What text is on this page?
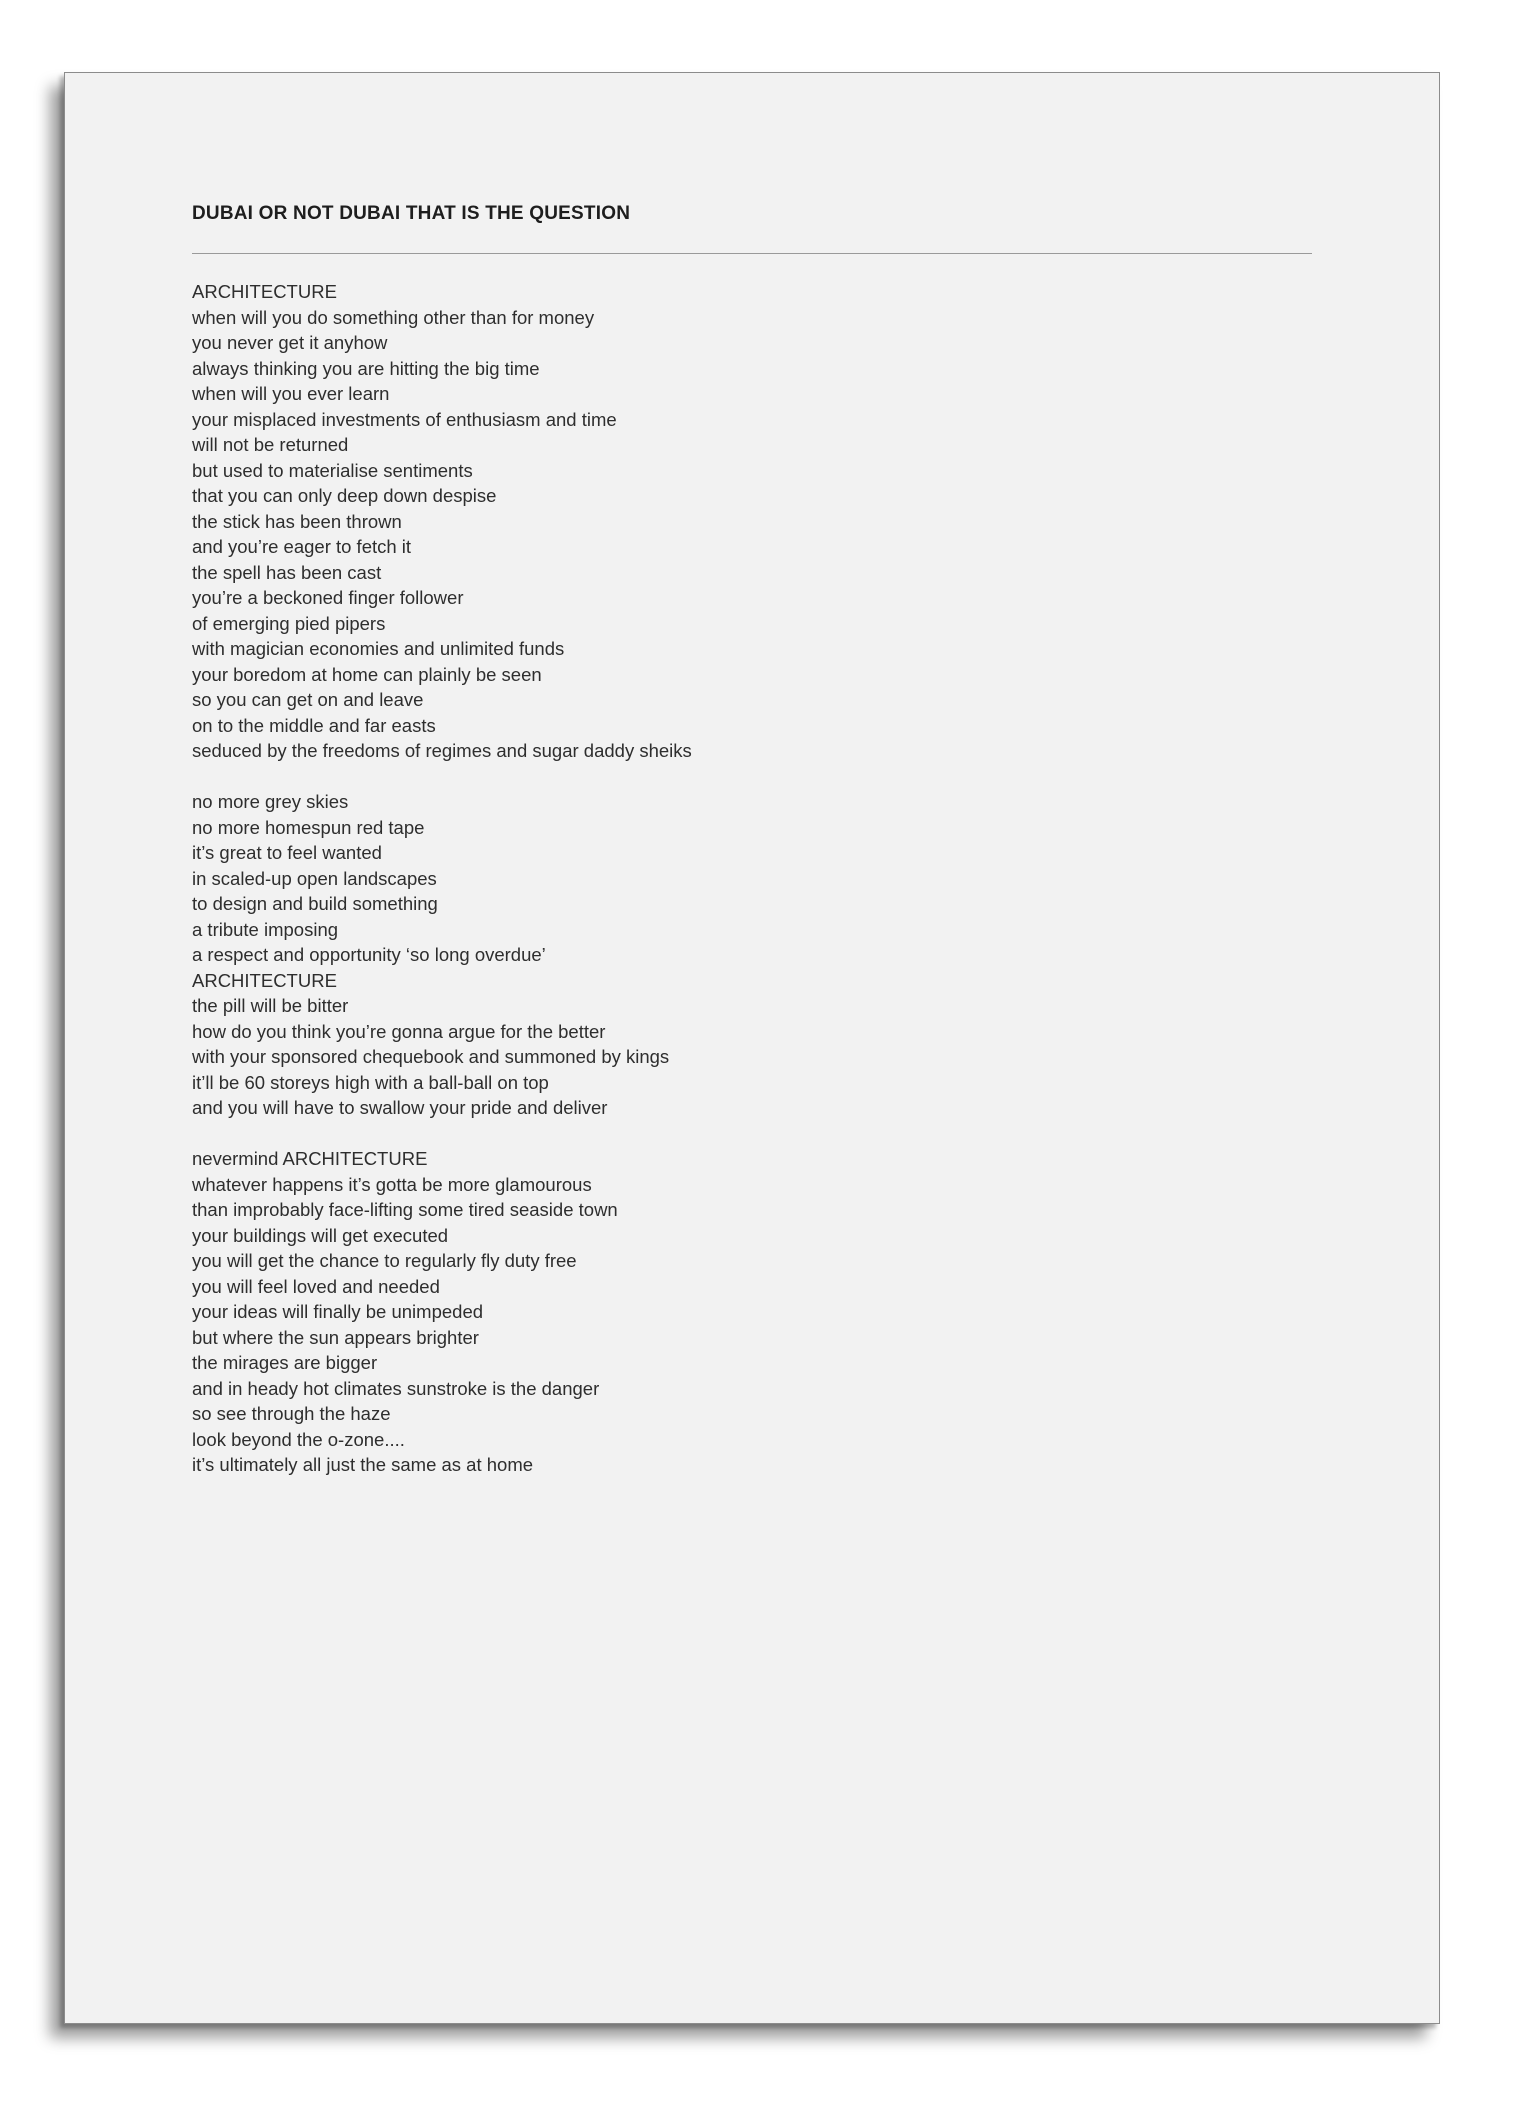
DUBAI OR NOT DUBAI THAT IS THE QUESTION
ARCHITECTURE
when will you do something other than for money
you never get it anyhow
always thinking you are hitting the big time
when will you ever learn
your misplaced investments of enthusiasm and time
will not be returned
but used to materialise sentiments
that you can only deep down despise
the stick has been thrown
and you’re eager to fetch it
the spell has been cast
you’re a beckoned finger follower
of emerging pied pipers
with magician economies and unlimited funds
your boredom at home can plainly be seen
so you can get on and leave
on to the middle and far easts
seduced by the freedoms of regimes and sugar daddy sheiks
no more grey skies
no more homespun red tape
it’s great to feel wanted
in scaled-up open landscapes
to design and build something
a tribute imposing
a respect and opportunity ‘so long overdue’
ARCHITECTURE
the pill will be bitter
how do you think you’re gonna argue for the better
with your sponsored chequebook and summoned by kings
it’ll be 60 storeys high with a ball-ball on top
and you will have to swallow your pride and deliver
nevermind ARCHITECTURE
whatever happens it’s gotta be more glamourous
than improbably face-lifting some tired seaside town
your buildings will get executed
you will get the chance to regularly fly duty free
you will feel loved and needed
your ideas will finally be unimpeded
but where the sun appears brighter
the mirages are bigger
and in heady hot climates sunstroke is the danger
so see through the haze
look beyond the o-zone....
it’s ultimately all just the same as at home
